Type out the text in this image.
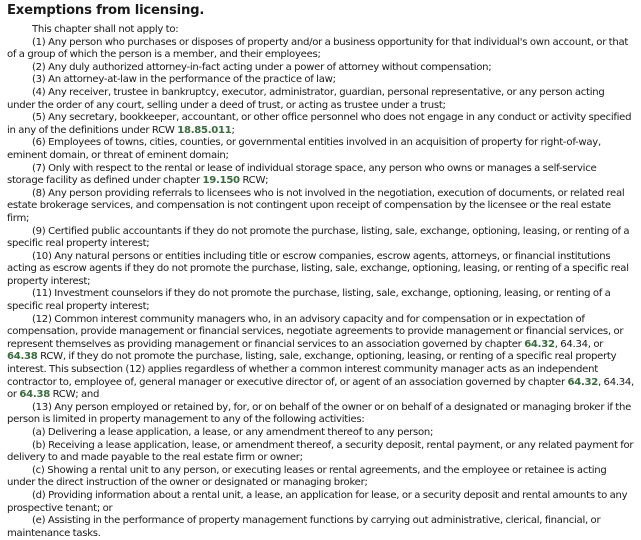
Exemptions from licensing.

This chapter shall not apply to:

(1) Any person who purchases or disposes of property and/or a business opportunity for that individual's own account, or that of a group of which the person is a member, and their employees;

(2) Any duly authorized attorney-in-fact acting under a power of attorney without compensation;

(3) An attorney-at-law in the performance of the practice of law;

(4) Any receiver, trustee in bankruptcy, executor, administrator, guardian, personal representative, or any person acting under the order of any court, selling under a deed of trust, or acting as trustee under a trust;

(5) Any secretary, bookkeeper, accountant, or other office personnel who does not engage in any conduct or activity specified in any of the definitions under RCW 18.85.011;

(6) Employees of towns, cities, counties, or governmental entities involved in an acquisition of property for right-of-way, eminent domain, or threat of eminent domain;

(7) Only with respect to the rental or lease of individual storage space, any person who owns or manages a self-service storage facility as defined under chapter 19.150 RCW;

(8) Any person providing referrals to licensees who is not involved in the negotiation, execution of documents, or related real estate brokerage services, and compensation is not contingent upon receipt of compensation by the licensee or the real estate firm;

(9) Certified public accountants if they do not promote the purchase, listing, sale, exchange, optioning, leasing, or renting of a specific real property interest;

(10) Any natural persons or entities including title or escrow companies, escrow agents, attorneys, or financial institutions acting as escrow agents if they do not promote the purchase, listing, sale, exchange, optioning, leasing, or renting of a specific real property interest;

(11) Investment counselors if they do not promote the purchase, listing, sale, exchange, optioning, leasing, or renting of a specific real property interest;

(12) Common interest community managers who, in an advisory capacity and for compensation or in expectation of compensation, provide management or financial services, negotiate agreements to provide management or financial services, or represent themselves as providing management or financial services to an association governed by chapter 64.32, 64.34, or 64.38 RCW, if they do not promote the purchase, listing, sale, exchange, optioning, leasing, or renting of a specific real property interest. This subsection (12) applies regardless of whether a common interest community manager acts as an independent contractor to, employee of, general manager or executive director of, or agent of an association governed by chapter 64.32, 64.34, or 64.38 RCW; and

(13) Any person employed or retained by, for, or on behalf of the owner or on behalf of a designated or managing broker if the person is limited in property management to any of the following activities:

(a) Delivering a lease application, a lease, or any amendment thereof to any person;

(b) Receiving a lease application, lease, or amendment thereof, a security deposit, rental payment, or any related payment for delivery to and made payable to the real estate firm or owner;

(c) Showing a rental unit to any person, or executing leases or rental agreements, and the employee or retainee is acting under the direct instruction of the owner or designated or managing broker;

(d) Providing information about a rental unit, a lease, an application for lease, or a security deposit and rental amounts to any prospective tenant; or

(e) Assisting in the performance of property management functions by carrying out administrative, clerical, financial, or maintenance tasks.
